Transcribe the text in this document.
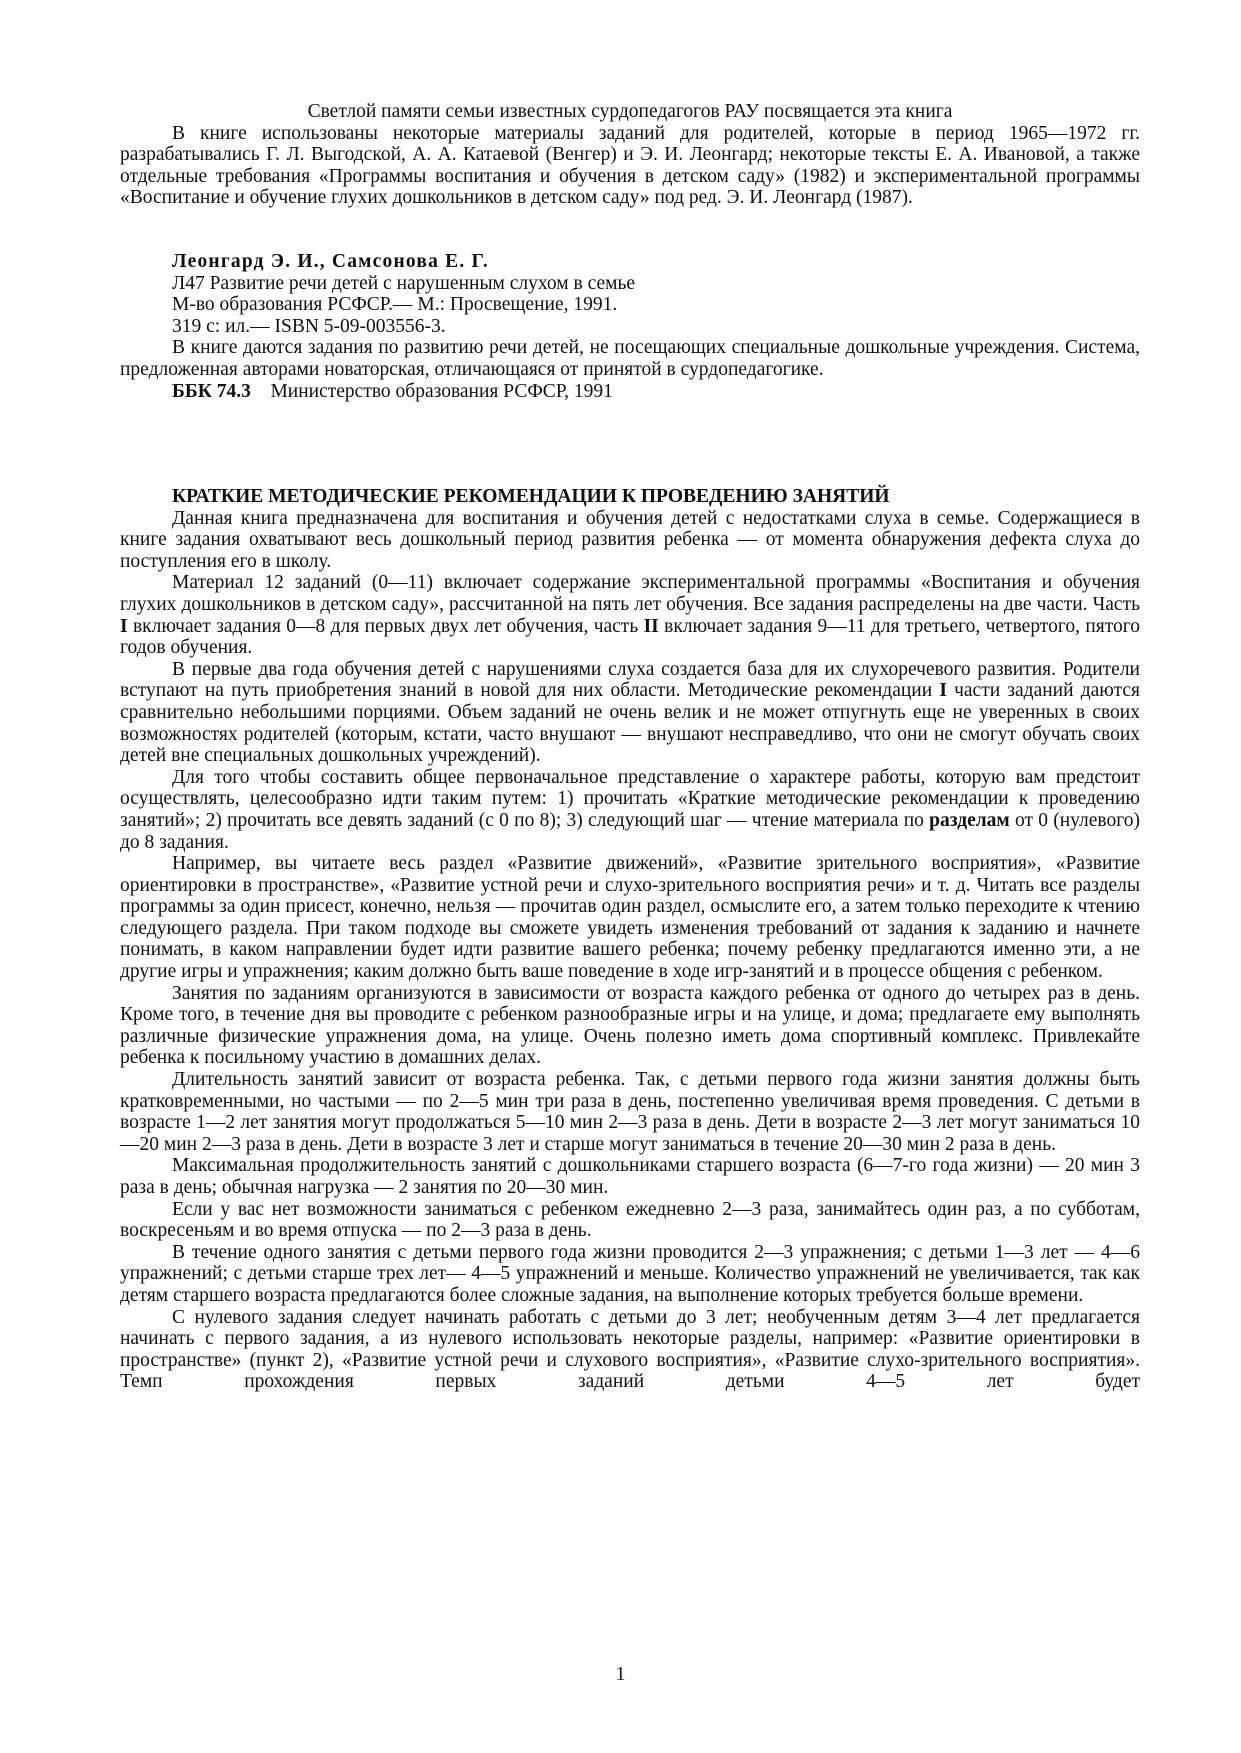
Светлой памяти семьи известных сурдопедагогов РАУ посвящается эта книга

В книге использованы некоторые материалы заданий для родителей, которые в период 1965—1972 гг. разрабатывались Г. Л. Выгодской, А. А. Катаевой (Венгер) и Э. И. Леонгард; некоторые тексты Е. А. Ивановой, а также отдельные требования «Программы воспитания и обучения в детском саду» (1982) и экспериментальной программы «Воспитание и обучение глухих дошкольников в детском саду» под ред. Э. И. Леонгард (1987).

Леонгард Э. И., Самсонова Е. Г.

Л47 Развитие речи детей с нарушенным слухом в семье

М-во образования РСФСР.— М.: Просвещение, 1991.

319 с: ил.— ISBN 5-09-003556-3.

В книге даются задания по развитию речи детей, не посещающих специальные дошкольные учреждения. Система, предложенная авторами новаторская, отличающаяся от принятой в сурдопедагогике.

ББК 74.3 Министерство образования РСФСР, 1991

КРАТКИЕ МЕТОДИЧЕСКИЕ РЕКОМЕНДАЦИИ К ПРОВЕДЕНИЮ ЗАНЯТИЙ

Данная книга предназначена для воспитания и обучения детей с недостатками слуха в семье. Содержащиеся в книге задания охватывают весь дошкольный период развития ребенка — от момента обнаружения дефекта слуха до поступления его в школу.

Материал 12 заданий (0—11) включает содержание экспериментальной программы «Воспитания и обучения глухих дошкольников в детском саду», рассчитанной на пять лет обучения. Все задания распределены на две части. Часть I включает задания 0—8 для первых двух лет обучения, часть II включает задания 9—11 для третьего, четвертого, пятого годов обучения.

В первые два года обучения детей с нарушениями слуха создается база для их слухоречевого развития. Родители вступают на путь приобретения знаний в новой для них области. Методические рекомендации I части заданий даются сравнительно небольшими порциями. Объем заданий не очень велик и не может отпугнуть еще не уверенных в своих возможностях родителей (которым, кстати, часто внушают — внушают несправедливо, что они не смогут обучать своих детей вне специальных дошкольных учреждений).

Для того чтобы составить общее первоначальное представление о характере работы, которую вам предстоит осуществлять, целесообразно идти таким путем: 1) прочитать «Краткие методические рекомендации к проведению занятий»; 2) прочитать все девять заданий (с 0 по 8); 3) следующий шаг — чтение материала по разделам от 0 (нулевого) до 8 задания.

Например, вы читаете весь раздел «Развитие движений», «Развитие зрительного восприятия», «Развитие ориентировки в пространстве», «Развитие устной речи и слухо-зрительного восприятия речи» и т. д. Читать все разделы программы за один присест, конечно, нельзя — прочитав один раздел, осмыслите его, а затем только переходите к чтению следующего раздела. При таком подходе вы сможете увидеть изменения требований от задания к заданию и начнете понимать, в каком направлении будет идти развитие вашего ребенка; почему ребенку предлагаются именно эти, а не другие игры и упражнения; каким должно быть ваше поведение в ходе игр-занятий и в процессе общения с ребенком.

Занятия по заданиям организуются в зависимости от возраста каждого ребенка от одного до четырех раз в день. Кроме того, в течение дня вы проводите с ребенком разнообразные игры и на улице, и дома; предлагаете ему выполнять различные физические упражнения дома, на улице. Очень полезно иметь дома спортивный комплекс. Привлекайте ребенка к посильному участию в домашних делах.

Длительность занятий зависит от возраста ребенка. Так, с детьми первого года жизни занятия должны быть кратковременными, но частыми — по 2—5 мин три раза в день, постепенно увеличивая время проведения. С детьми в возрасте 1—2 лет занятия могут продолжаться 5—10 мин 2—3 раза в день. Дети в возрасте 2—3 лет могут заниматься 10—20 мин 2—3 раза в день. Дети в возрасте 3 лет и старше могут заниматься в течение 20—30 мин 2 раза в день.

Максимальная продолжительность занятий с дошкольниками старшего возраста (6—7-го года жизни) — 20 мин 3 раза в день; обычная нагрузка — 2 занятия по 20—30 мин.

Если у вас нет возможности заниматься с ребенком ежедневно 2—3 раза, занимайтесь один раз, а по субботам, воскресеньям и во время отпуска — по 2—3 раза в день.

В течение одного занятия с детьми первого года жизни проводится 2—3 упражнения; с детьми 1—3 лет — 4—6 упражнений; с детьми старше трех лет— 4—5 упражнений и меньше. Количество упражнений не увеличивается, так как детям старшего возраста предлагаются более сложные задания, на выполнение которых требуется больше времени.

С нулевого задания следует начинать работать с детьми до 3 лет; необученным детям 3—4 лет предлагается начинать с первого задания, а из нулевого использовать некоторые разделы, например: «Развитие ориентировки в пространстве» (пункт 2), «Развитие устной речи и слухового восприятия», «Развитие слухо-зрительного восприятия». Темп прохождения первых заданий детьми 4—5 лет будет

1
